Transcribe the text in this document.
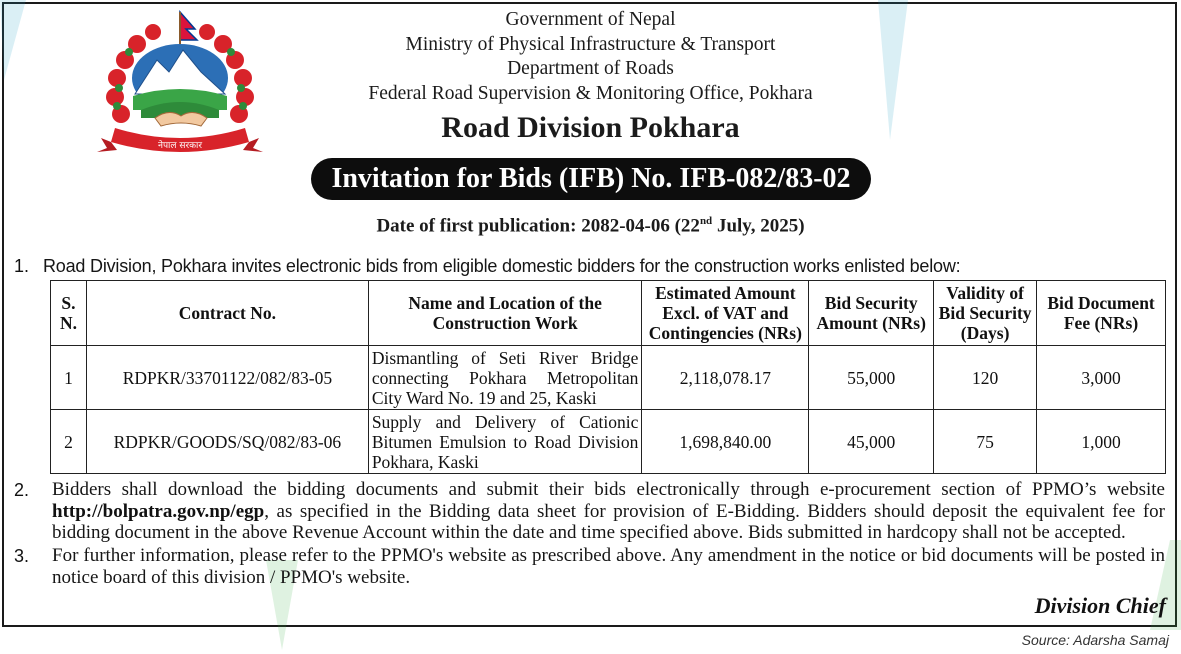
नेपाल सरकार
Government of Nepal
Ministry of Physical Infrastructure & Transport
Department of Roads
Federal Road Supervision & Monitoring Office, Pokhara
Road Division Pokhara
Invitation for Bids (IFB) No. IFB-082/83-02
Date of first publication: 2082-04-06 (22nd July, 2025)
1. Road Division, Pokhara invites electronic bids from eligible domestic bidders for the construction works enlisted below:
S. N.	Contract No.	Name and Location of the Construction Work	Estimated Amount Excl. of VAT and Contingencies (NRs)	Bid Security Amount (NRs)	Validity of Bid Security (Days)	Bid Document Fee (NRs)
1	RDPKR/33701122/082/83-05	Dismantling of Seti River Bridge connecting Pokhara Metropolitan City Ward No. 19 and 25, Kaski	2,118,078.17	55,000	120	3,000
2	RDPKR/GOODS/SQ/082/83-06	Supply and Delivery of Cationic Bitumen Emulsion to Road Division Pokhara, Kaski	1,698,840.00	45,000	75	1,000
2. Bidders shall download the bidding documents and submit their bids electronically through e-procurement section of PPMO’s website http://bolpatra.gov.np/egp, as specified in the Bidding data sheet for provision of E-Bidding. Bidders should deposit the equivalent fee for bidding document in the above Revenue Account within the date and time specified above. Bids submitted in hardcopy shall not be accepted.
3. For further information, please refer to the PPMO's website as prescribed above. Any amendment in the notice or bid documents will be posted in notice board of this division / PPMO's website.
Division Chief
Source: Adarsha Samaj
